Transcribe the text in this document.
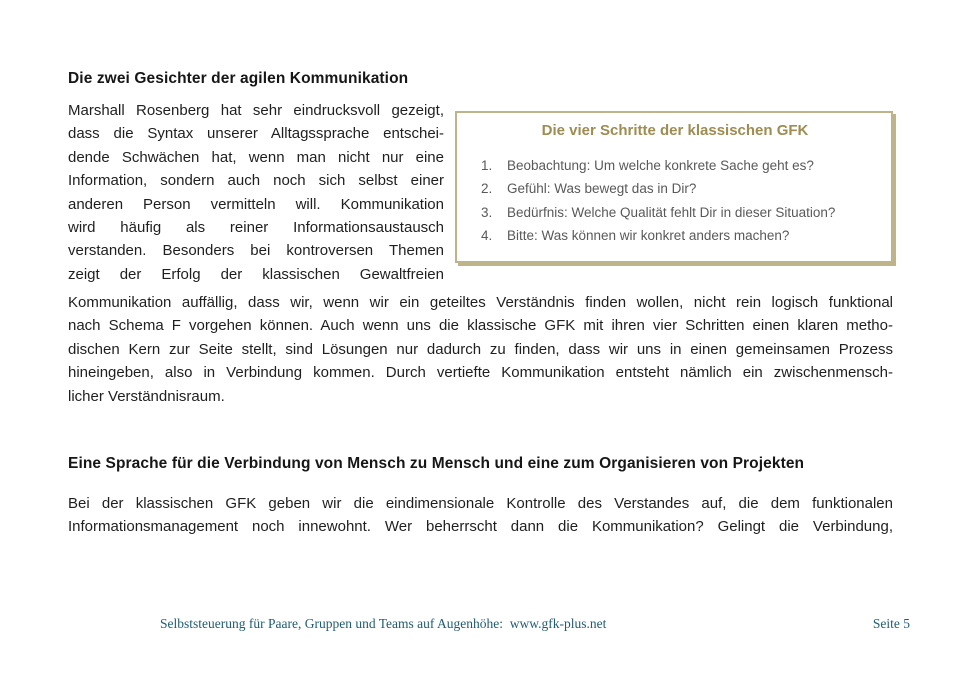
Die zwei Gesichter der agilen Kommunikation
Marshall Rosenberg hat sehr eindrucksvoll gezeigt,
dass die Syntax unserer Alltagssprache entschei-
dende Schwächen hat, wenn man nicht nur eine
Information, sondern auch noch sich selbst einer
anderen Person vermitteln will. Kommunikation
wird häufig als reiner Informationsaustausch
verstanden. Besonders bei kontroversen Themen
zeigt der Erfolg der klassischen Gewaltfreien
Die vier Schritte der klassischen GFK
1.	Beobachtung: Um welche konkrete Sache geht es?
2.	Gefühl: Was bewegt das in Dir?
3.	Bedürfnis: Welche Qualität fehlt Dir in dieser Situation?
4.	Bitte: Was können wir konkret anders machen?
Kommunikation auffällig, dass wir, wenn wir ein geteiltes Verständnis finden wollen, nicht rein logisch funktional
nach Schema F vorgehen können. Auch wenn uns die klassische GFK mit ihren vier Schritten einen klaren metho-
dischen Kern zur Seite stellt, sind Lösungen nur dadurch zu finden, dass wir uns in einen gemeinsamen Prozess
hineingeben, also in Verbindung kommen. Durch vertiefte Kommunikation entsteht nämlich ein zwischenmensch-
licher Verständnisraum.
Eine Sprache für die Verbindung von Mensch zu Mensch und eine zum Organisieren von Projekten
Bei der klassischen GFK geben wir die eindimensionale Kontrolle des Verstandes auf, die dem funktionalen
Informationsmanagement noch innewohnt. Wer beherrscht dann die Kommunikation? Gelingt die Verbindung,
Selbststeuerung für Paare, Gruppen und Teams auf Augenhöhe:  www.gfk-plus.net	Seite 5
